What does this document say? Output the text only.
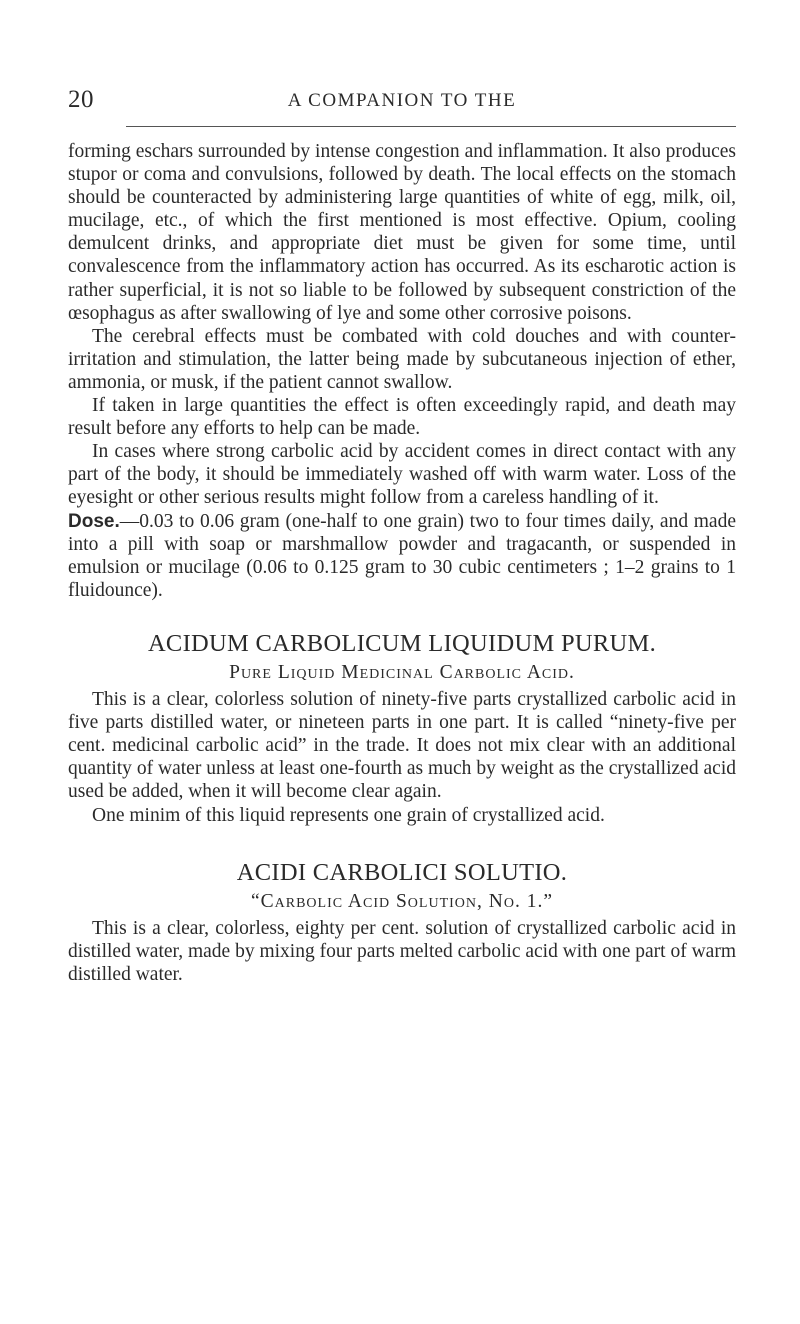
20	A COMPANION TO THE

forming eschars surrounded by intense congestion and inflammation. It also produces stupor or coma and convulsions, followed by death. The local effects on the stomach should be counteracted by administering large quantities of white of egg, milk, oil, mucilage, etc., of which the first mentioned is most effective. Opium, cooling demulcent drinks, and appropriate diet must be given for some time, until convalescence from the inflammatory action has occurred. As its escharotic action is rather superficial, it is not so liable to be followed by subsequent constriction of the œsophagus as after swallowing of lye and some other corrosive poisons.

The cerebral effects must be combated with cold douches and with counter-irritation and stimulation, the latter being made by subcutaneous injection of ether, ammonia, or musk, if the patient cannot swallow.

If taken in large quantities the effect is often exceedingly rapid, and death may result before any efforts to help can be made.

In cases where strong carbolic acid by accident comes in direct contact with any part of the body, it should be immediately washed off with warm water. Loss of the eyesight or other serious results might follow from a careless handling of it.

Dose.—0.03 to 0.06 gram (one-half to one grain) two to four times daily, and made into a pill with soap or marshmallow powder and tragacanth, or suspended in emulsion or mucilage (0.06 to 0.125 gram to 30 cubic centimeters ; 1–2 grains to 1 fluidounce).

ACIDUM CARBOLICUM LIQUIDUM PURUM.
Pure Liquid Medicinal Carbolic Acid.

This is a clear, colorless solution of ninety-five parts crystallized carbolic acid in five parts distilled water, or nineteen parts in one part. It is called “ninety-five per cent. medicinal carbolic acid” in the trade. It does not mix clear with an additional quantity of water unless at least one-fourth as much by weight as the crystallized acid used be added, when it will become clear again.

One minim of this liquid represents one grain of crystallized acid.

ACIDI CARBOLICI SOLUTIO.
“Carbolic Acid Solution, No. 1.”

This is a clear, colorless, eighty per cent. solution of crystallized carbolic acid in distilled water, made by mixing four parts melted carbolic acid with one part of warm distilled water.
